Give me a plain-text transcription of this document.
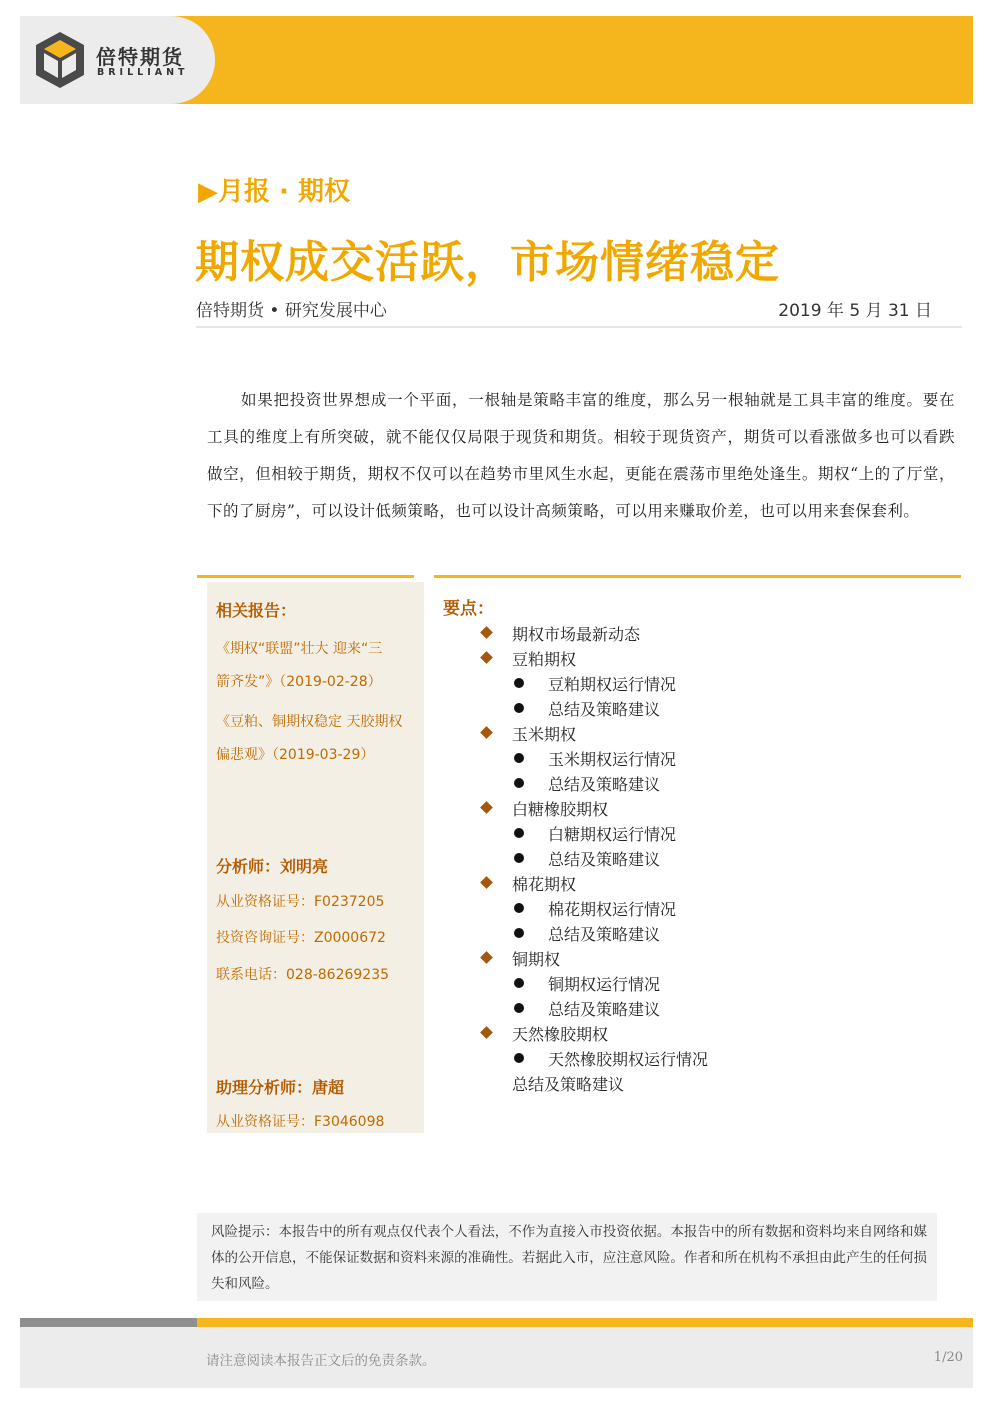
倍特期货
BRILLIANT
▶月报 · 期权
期权成交活跃，市场情绪稳定
倍特期货 • 研究发展中心	2019 年 5 月 31 日
如果把投资世界想成一个平面，一根轴是策略丰富的维度，那么另一根轴就是工具丰富的维度。要在工具的维度上有所突破，就不能仅仅局限于现货和期货。相较于现货资产，期货可以看涨做多也可以看跌做空，但相较于期货，期权不仅可以在趋势市里风生水起，更能在震荡市里绝处逢生。期权“上的了厅堂，下的了厨房”，可以设计低频策略，也可以设计高频策略，可以用来赚取价差，也可以用来套保套利。
相关报告：
《期权“联盟”壮大 迎来“三
箭齐发”》（2019-02-28）
《豆粕、铜期权稳定 天胶期权
偏悲观》（2019-03-29）
分析师：刘明亮
从业资格证号：F0237205
投资咨询证号：Z0000672
联系电话：028-86269235
助理分析师：唐超
从业资格证号：F3046098
要点：
期权市场最新动态
豆粕期权
豆粕期权运行情况
总结及策略建议
玉米期权
玉米期权运行情况
总结及策略建议
白糖橡胶期权
白糖期权运行情况
总结及策略建议
棉花期权
棉花期权运行情况
总结及策略建议
铜期权
铜期权运行情况
总结及策略建议
天然橡胶期权
天然橡胶期权运行情况
总结及策略建议
风险提示：本报告中的所有观点仅代表个人看法，不作为直接入市投资依据。本报告中的所有数据和资料均来自网络和媒体的公开信息，不能保证数据和资料来源的准确性。若据此入市，应注意风险。作者和所在机构不承担由此产生的任何损失和风险。
请注意阅读本报告正文后的免责条款。	1/20
